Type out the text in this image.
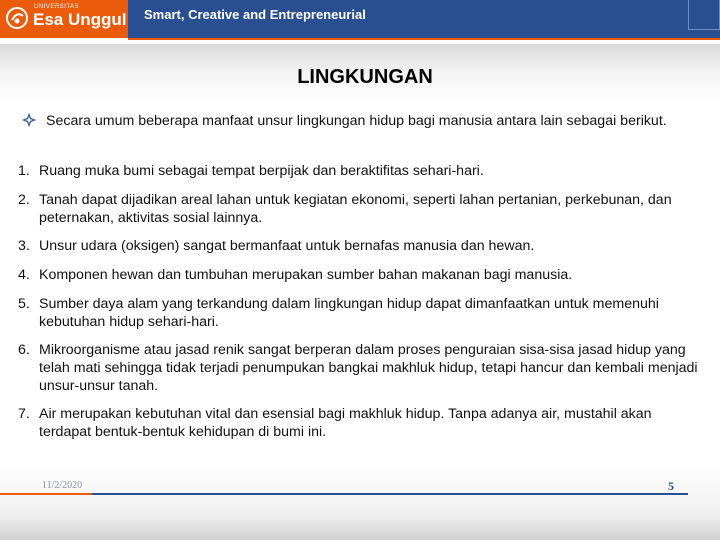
UNIVERSITAS
Esa Unggul Smart, Creative and Entrepreneurial
LINGKUNGAN
Secara umum beberapa manfaat unsur lingkungan hidup bagi manusia antara lain sebagai berikut.
1. Ruang muka bumi sebagai tempat berpijak dan beraktifitas sehari-hari.
2. Tanah dapat dijadikan areal lahan untuk kegiatan ekonomi, seperti lahan pertanian, perkebunan, dan peternakan, aktivitas sosial lainnya.
3. Unsur udara (oksigen) sangat bermanfaat untuk bernafas manusia dan hewan.
4. Komponen hewan dan tumbuhan merupakan sumber bahan makanan bagi manusia.
5. Sumber daya alam yang terkandung dalam lingkungan hidup dapat dimanfaatkan untuk memenuhi kebutuhan hidup sehari-hari.
6. Mikroorganisme atau jasad renik sangat berperan dalam proses penguraian sisa-sisa jasad hidup yang telah mati sehingga tidak terjadi penumpukan bangkai makhluk hidup, tetapi hancur dan kembali menjadi unsur-unsur tanah.
7. Air merupakan kebutuhan vital dan esensial bagi makhluk hidup. Tanpa adanya air, mustahil akan terdapat bentuk-bentuk kehidupan di bumi ini.
11/2/2020	5
